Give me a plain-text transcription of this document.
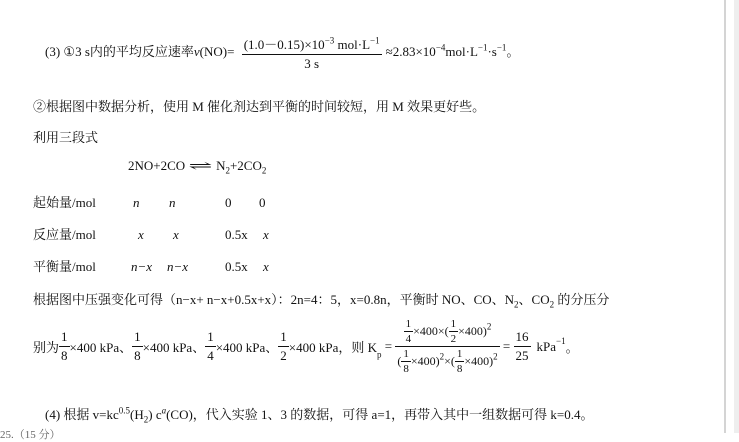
(3) ①3 s内的平均反应速率$v(NO)= \frac{(1.0-0.15)\times 10^{-3} mol\cdot L^{-1}}{3 s} \approx 2.83\times 10^{-4}mol\cdot L^{-1}\cdot s^{-1}$。
②根据图中数据分析，使用 M 催化剂达到平衡的时间较短，用 M 效果更好些。
利用三段式
2NO+2CO ⇌ $N_2+2CO_2$
起始量/mol	n n	0 0
反应量/mol	x x	0.5x x
平衡量/mol	n−x n−x	0.5x x
根据图中压强变化可得（n−x+ n−x+0.5x+x）：2n=4：5，x=0.8n，平衡时 NO、CO、$N_2$、$CO_2$ 的分压分
别为 $\frac{1}{8} \times 400$ kPa、 $\frac{1}{8} \times 400$ kPa、 $\frac{1}{4} \times 400$ kPa、 $\frac{1}{2} \times 400$ kPa，则 $K_p = \frac{\frac{1}{4} \times 400\times( \frac{1}{2} \times 400)^2}{( \frac{1}{8} \times 400)^2\times( \frac{1}{8} \times 400)^2} = \frac{16}{25} kPa^{-1}$。
(4) 根据 $v=kc^{0.5}(H_2)$ $c^a(CO)$，代入实验 1、3 的数据，可得 a=1，再带入其中一组数据可得 k=0.4。
25.（15 分）
